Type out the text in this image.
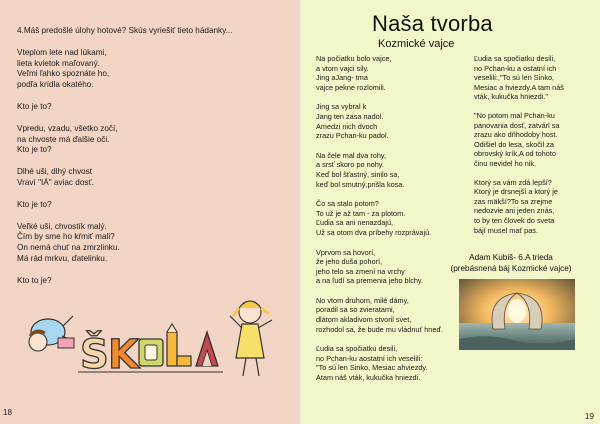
4.Máš predošlé úlohy hotové? Skús vyriešiť tieto hádanky...
Vteplom lete nad lúkami,
lieta kvietok maľovaný.
Veľmi ľahko spoznáte ho,
podľa krídla okatého.
Kto je to?
Vpredu, vzadu, všetko zočí,
na chvoste má ďalšie oči.
Kto je to?
Dlhé uši, dlhý chvost
Vraví "IÁ" aviac dosť.
Kto je to?
Veľké uši, chvostík malý.
Čím by sme ho kŕmiť mali?
On nemá chuť na zmrzlinku.
Má rád mrkvu, ďatelinku.
Kto to je?
Š K
18
Naša tvorba
Kozmické vajce
Na počiatku bolo vajce,
a vtom vajci sily.
Jing aJang- tma
vajce pekne rozlomili.
Jing sa vybral k
Jang ten zasa nadol.
Amedzi nich dvoch
zrazu Pchan-ku padol.
Na čele mal dva rohy,
a srsť skoro po nohy.
Keď bol šťastný, sinilo sa,
keď bol smutný,prišla kosa.
Čo sa stalo potom?
To už je až tam - za plotom.
Ľudia sa ani nenazdajú,
Už sa otom dva príbehy rozprávajú.
Vprvom sa hovorí,
že jeho duša pohorí,
jeho telo sa zmení na vrchy
a na ľudí sa premenia jeho blchy.
No vtom druhom, milé dámy,
poradil sa so zvieratami,
dlátom akladivom stvoril svet,
rozhodol sa, že bude mu vládnuť hneď.
Ľudia sa spočiatku desili,
no Pchan-ku aostatní ich veselili:
"To sú len Sinko, Mesiac ahviezdy.
Atam náš vták, kukučka hniezdi.
Ľudia sa spočiatku desili,
no Pchan-ku a ostatní ich
veselili:,"To sú len Sinko,
Mesiac a hviezdy.A tam náš
vták, kukučka hniezdi."
"No potom mal Pchan-ku
panovania dosť, zatvárl sa
zrazu ako dňhodoby host.
Odišiel do lesa, skočil za
obrovský krík,A od tohoto
činu nevidel ho nik.
Ktorý sa vám zdá lepší?
Ktorý je drsnejší a ktorý je
zas mäkší?To sa zrejme
nedozvie ani jeden znás,
to by ten človek do sveta
bájí musel mať pas.
Adam Kubiš- 6.A trieda
(prebásnená báj Kozmické vajce)
19
